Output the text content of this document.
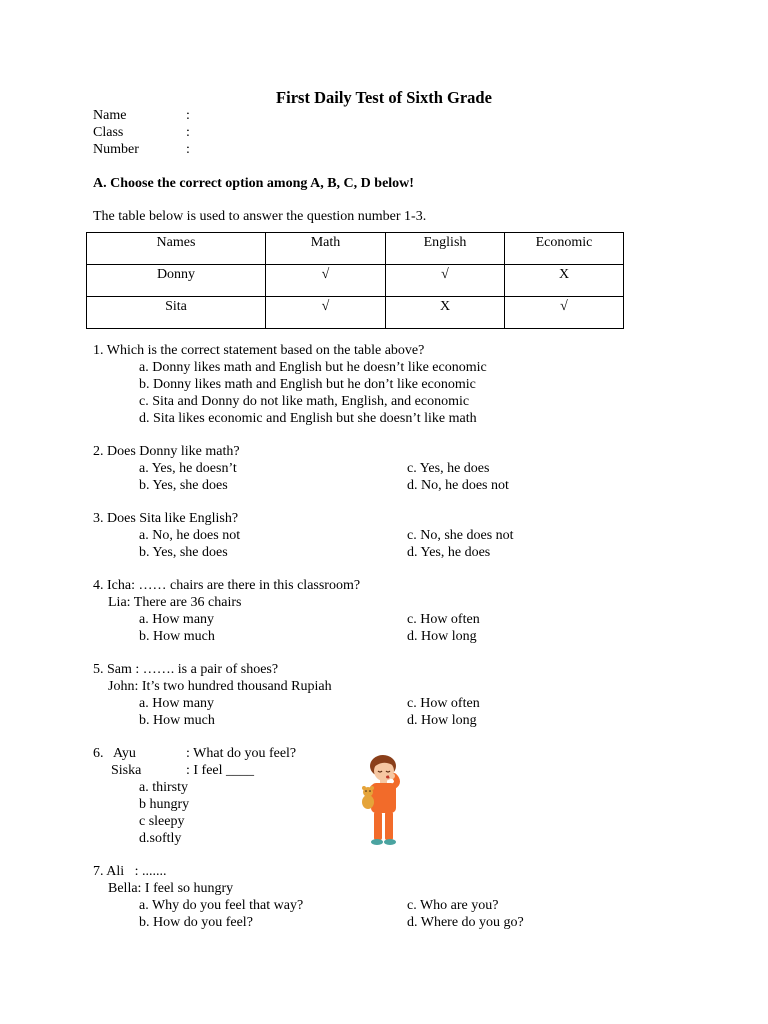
First Daily Test of Sixth Grade
Name	:
Class	:
Number	:
A. Choose the correct option among A, B, C, D below!
The table below is used to answer the question number 1-3.
Names	Math	English	Economic
Donny	√	√	X
Sita	√	X	√
1. Which is the correct statement based on the table above?
a. Donny likes math and English but he doesn’t like economic
b. Donny likes math and English but he don’t like economic
c. Sita and Donny do not like math, English, and economic
d. Sita likes economic and English but she doesn’t like math
2. Does Donny like math?
a. Yes, he doesn’t
b. Yes, she does
c. Yes, he does
d. No, he does not
3. Does Sita like English?
a. No, he does not
b. Yes, she does
c. No, she does not
d. Yes, he does
4. Icha: …… chairs are there in this classroom?
Lia: There are 36 chairs
a. How many
b. How much
c. How often
d. How long
5. Sam : ……. is a pair of shoes?
John: It’s two hundred thousand Rupiah
a. How many
b. How much
c. How often
d. How long
6. Ayu	: What do you feel?
Siska	: I feel ____
a. thirsty
b hungry
c sleepy
d.softly
7. Ali   : .......
Bella: I feel so hungry
a. Why do you feel that way?
b. How do you feel?
c. Who are you?
d. Where do you go?
